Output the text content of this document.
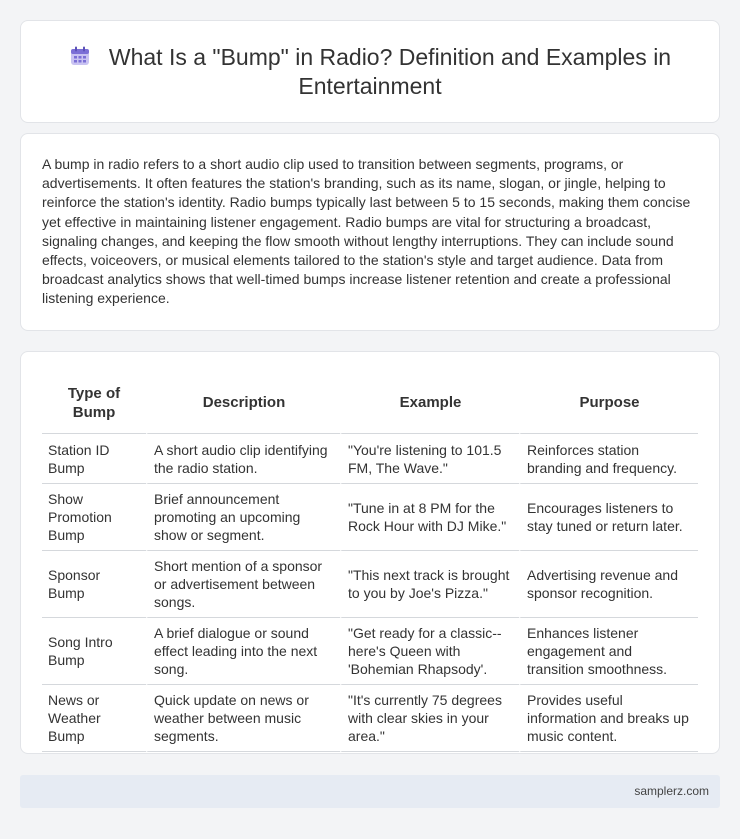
What Is a "Bump" in Radio? Definition and Examples in Entertainment

A bump in radio refers to a short audio clip used to transition between segments, programs, or advertisements. It often features the station's branding, such as its name, slogan, or jingle, helping to reinforce the station's identity. Radio bumps typically last between 5 to 15 seconds, making them concise yet effective in maintaining listener engagement. Radio bumps are vital for structuring a broadcast, signaling changes, and keeping the flow smooth without lengthy interruptions. They can include sound effects, voiceovers, or musical elements tailored to the station's style and target audience. Data from broadcast analytics shows that well-timed bumps increase listener retention and create a professional listening experience.

Type of Bump	Description	Example	Purpose
Station ID Bump	A short audio clip identifying the radio station.	"You're listening to 101.5 FM, The Wave."	Reinforces station branding and frequency.
Show Promotion Bump	Brief announcement promoting an upcoming show or segment.	"Tune in at 8 PM for the Rock Hour with DJ Mike."	Encourages listeners to stay tuned or return later.
Sponsor Bump	Short mention of a sponsor or advertisement between songs.	"This next track is brought to you by Joe's Pizza."	Advertising revenue and sponsor recognition.
Song Intro Bump	A brief dialogue or sound effect leading into the next song.	"Get ready for a classic--here's Queen with 'Bohemian Rhapsody'.	Enhances listener engagement and transition smoothness.
News or Weather Bump	Quick update on news or weather between music segments.	"It's currently 75 degrees with clear skies in your area."	Provides useful information and breaks up music content.
samplerz.com
